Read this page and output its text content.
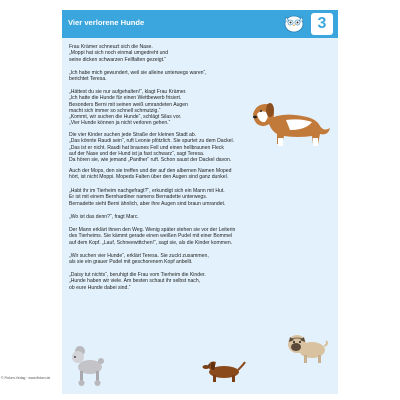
Vier verlorene Hunde	3

Frau Krämer schneuzt sich die Nase.
„Moppi hat sich noch einmal umgedreht und
seine dicken schwarzen Fellfalten gezeigt.“

„Ich habe mich gewundert, weil sie alleine unterwegs waren“,
berichtet Teresa.

„Hättest du sie nur aufgehalten!“, klagt Frau Krämer.
„Ich hatte die Hunde für einen Wettbewerb frisiert.
Besonders Berni mit seinen weiß umrandeten Augen
macht sich immer so schnell schmutzig.“
„Kommt, wir suchen die Hunde“, schlägt Silas vor.
„Vier Hunde können ja nicht verloren gehen.“

Die vier Kinder suchen jede Straße der kleinen Stadt ab.
„Das könnte Raudi sein“, ruft Leonie plötzlich. Sie spurtet zu dem Dackel.
„Das ist er nicht. Raudi hat braunes Fell und einen hellbraunen Fleck
auf der Nase und der Hund ist ja fast schwarz“, sagt Teresa.
Da hören sie, wie jemand „Panther“ ruft. Schon saust der Dackel davon.

Auch der Mops, den sie treffen und der auf den albernen Namen Moped
hört, ist nicht Moppi. Mopeds Falten über den Augen sind ganz dunkel.

„Habt ihr im Tierheim nachgefragt?“, erkundigt sich ein Mann mit Hut.
Er ist mit einem Bernhardiner namens Bernadette unterwegs.
Bernadette sieht Berni ähnlich, aber ihre Augen sind braun umrandet.

„Wo ist das denn?“, fragt Marc.

Der Mann erklärt ihnen den Weg. Wenig später stehen sie vor der Leiterin
des Tierheims. Sie kämmt gerade einen weißen Pudel mit einer Bommel
auf dem Kopf. „Lauf, Schneewittchen!“, sagt sie, als die Kinder kommen.

„Wir suchen vier Hunde“, erklärt Teresa. Sie zuckt zusammen,
als sie ein grauer Pudel mit geschorenem Kopf anbellt.

„Daisy tut nichts“, beruhigt die Frau vom Tierheim die Kinder.
„Hunde haben wir viele. Am besten schaut ihr selbst nach,
ob eure Hunde dabei sind.“

© Finken-Verlag · www.finken.de
